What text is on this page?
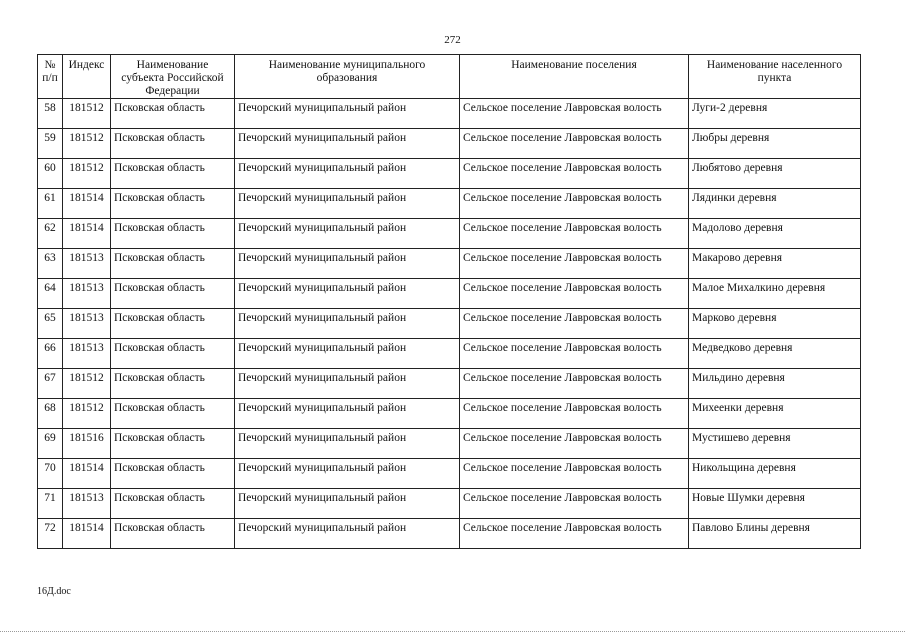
272
№ п/п	Индекс	Наименование субъекта Российской Федерации	Наименование муниципального образования	Наименование поселения	Наименование населенного пункта
58	181512	Псковская область	Печорский муниципальный район	Сельское поселение Лавровская волость	Луги-2 деревня
59	181512	Псковская область	Печорский муниципальный район	Сельское поселение Лавровская волость	Любры деревня
60	181512	Псковская область	Печорский муниципальный район	Сельское поселение Лавровская волость	Любятово деревня
61	181514	Псковская область	Печорский муниципальный район	Сельское поселение Лавровская волость	Лядинки деревня
62	181514	Псковская область	Печорский муниципальный район	Сельское поселение Лавровская волость	Мадолово деревня
63	181513	Псковская область	Печорский муниципальный район	Сельское поселение Лавровская волость	Макарово деревня
64	181513	Псковская область	Печорский муниципальный район	Сельское поселение Лавровская волость	Малое Михалкино деревня
65	181513	Псковская область	Печорский муниципальный район	Сельское поселение Лавровская волость	Марково деревня
66	181513	Псковская область	Печорский муниципальный район	Сельское поселение Лавровская волость	Медведково деревня
67	181512	Псковская область	Печорский муниципальный район	Сельское поселение Лавровская волость	Мильдино деревня
68	181512	Псковская область	Печорский муниципальный район	Сельское поселение Лавровская волость	Михеенки деревня
69	181516	Псковская область	Печорский муниципальный район	Сельское поселение Лавровская волость	Мустишево деревня
70	181514	Псковская область	Печорский муниципальный район	Сельское поселение Лавровская волость	Никольщина деревня
71	181513	Псковская область	Печорский муниципальный район	Сельское поселение Лавровская волость	Новые Шумки деревня
72	181514	Псковская область	Печорский муниципальный район	Сельское поселение Лавровская волость	Павлово Блины деревня
16Д.doc
